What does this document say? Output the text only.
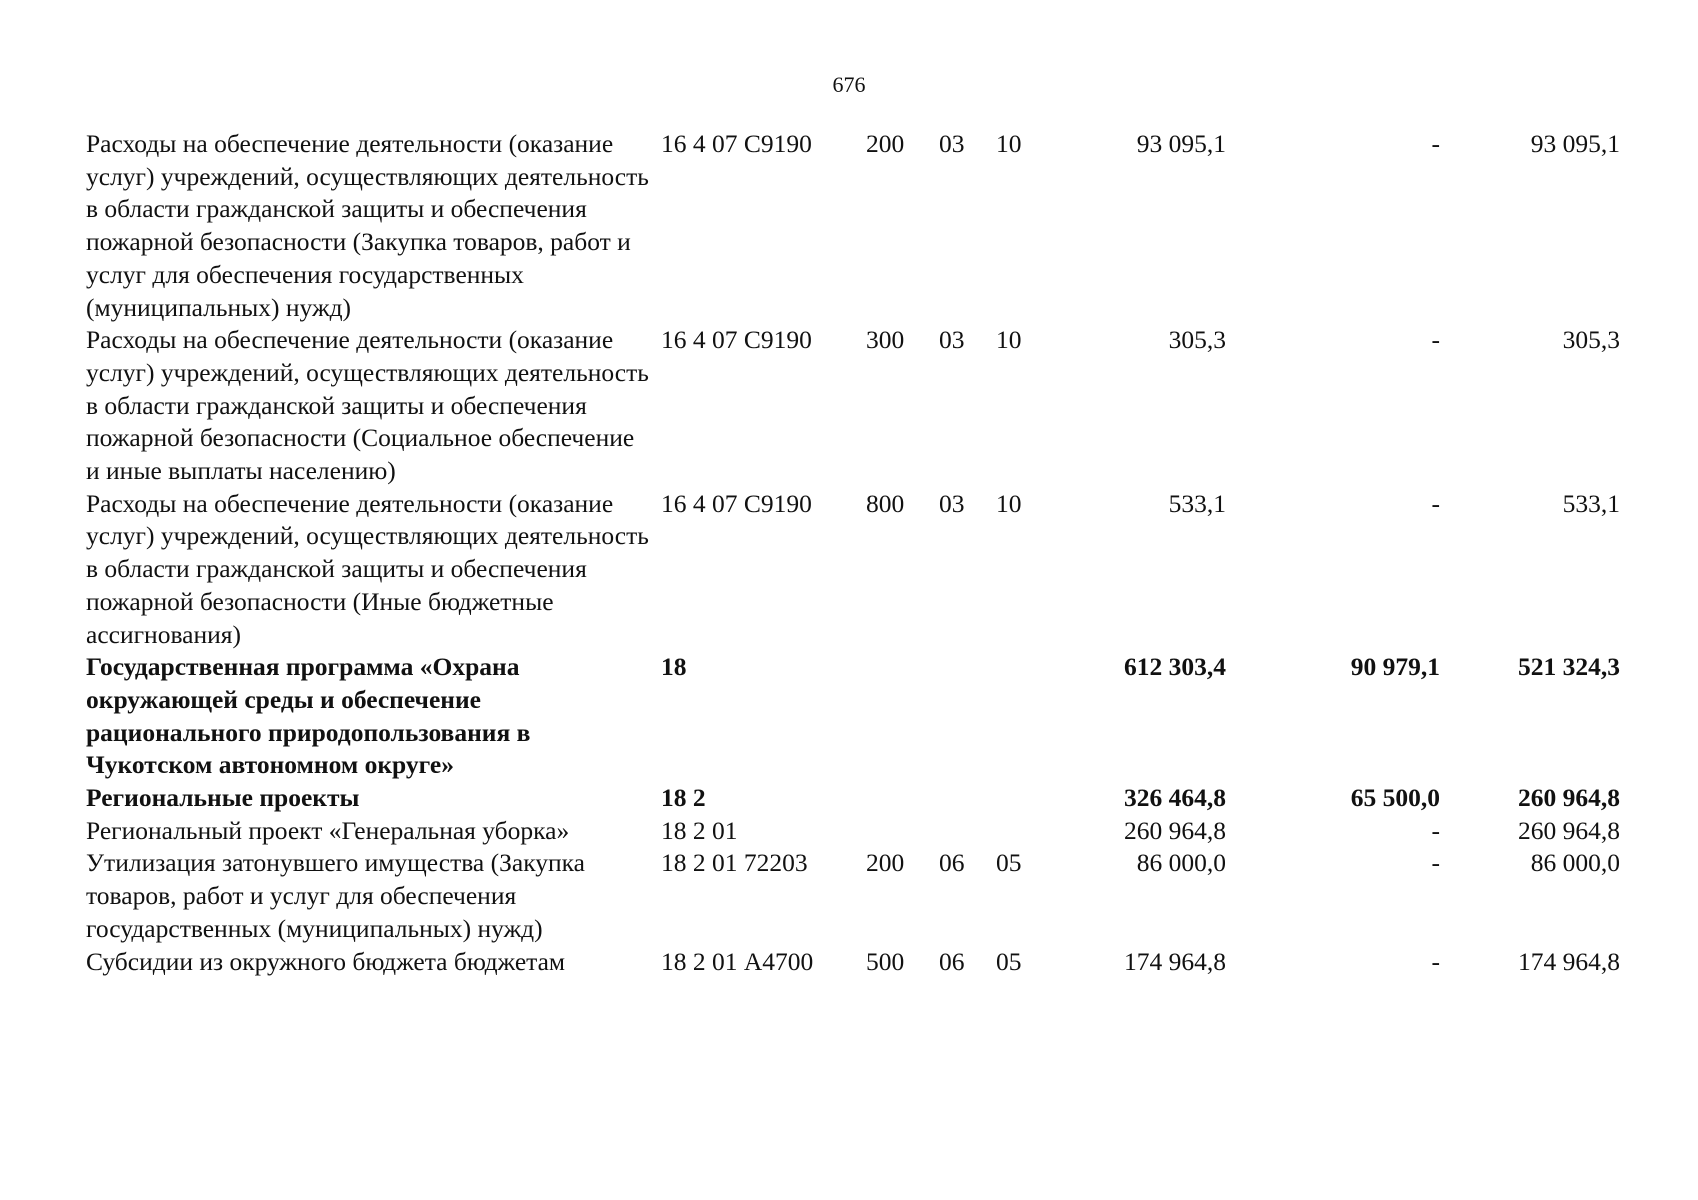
676
Расходы на обеспечение деятельности (оказание услуг) учреждений, осуществляющих деятельность в области гражданской защиты и обеспечения пожарной безопасности (Закупка товаров, работ и услуг для обеспечения государственных (муниципальных) нужд)	16 4 07 С9190	200	03	10	93 095,1	-	93 095,1
Расходы на обеспечение деятельности (оказание услуг) учреждений, осуществляющих деятельность в области гражданской защиты и обеспечения пожарной безопасности (Социальное обеспечение и иные выплаты населению)	16 4 07 С9190	300	03	10	305,3	-	305,3
Расходы на обеспечение деятельности (оказание услуг) учреждений, осуществляющих деятельность в области гражданской защиты и обеспечения пожарной безопасности (Иные бюджетные ассигнования)	16 4 07 С9190	800	03	10	533,1	-	533,1
Государственная программа «Охрана окружающей среды и обеспечение рационального природопользования в Чукотском автономном округе»	18				612 303,4	90 979,1	521 324,3
Региональные проекты	18 2				326 464,8	65 500,0	260 964,8
Региональный проект «Генеральная уборка»	18 2 01				260 964,8	-	260 964,8
Утилизация затонувшего имущества (Закупка товаров, работ и услуг для обеспечения государственных (муниципальных) нужд)	18 2 01 72203	200	06	05	86 000,0	-	86 000,0
Субсидии из окружного бюджета бюджетам	18 2 01 А4700	500	06	05	174 964,8	-	174 964,8
